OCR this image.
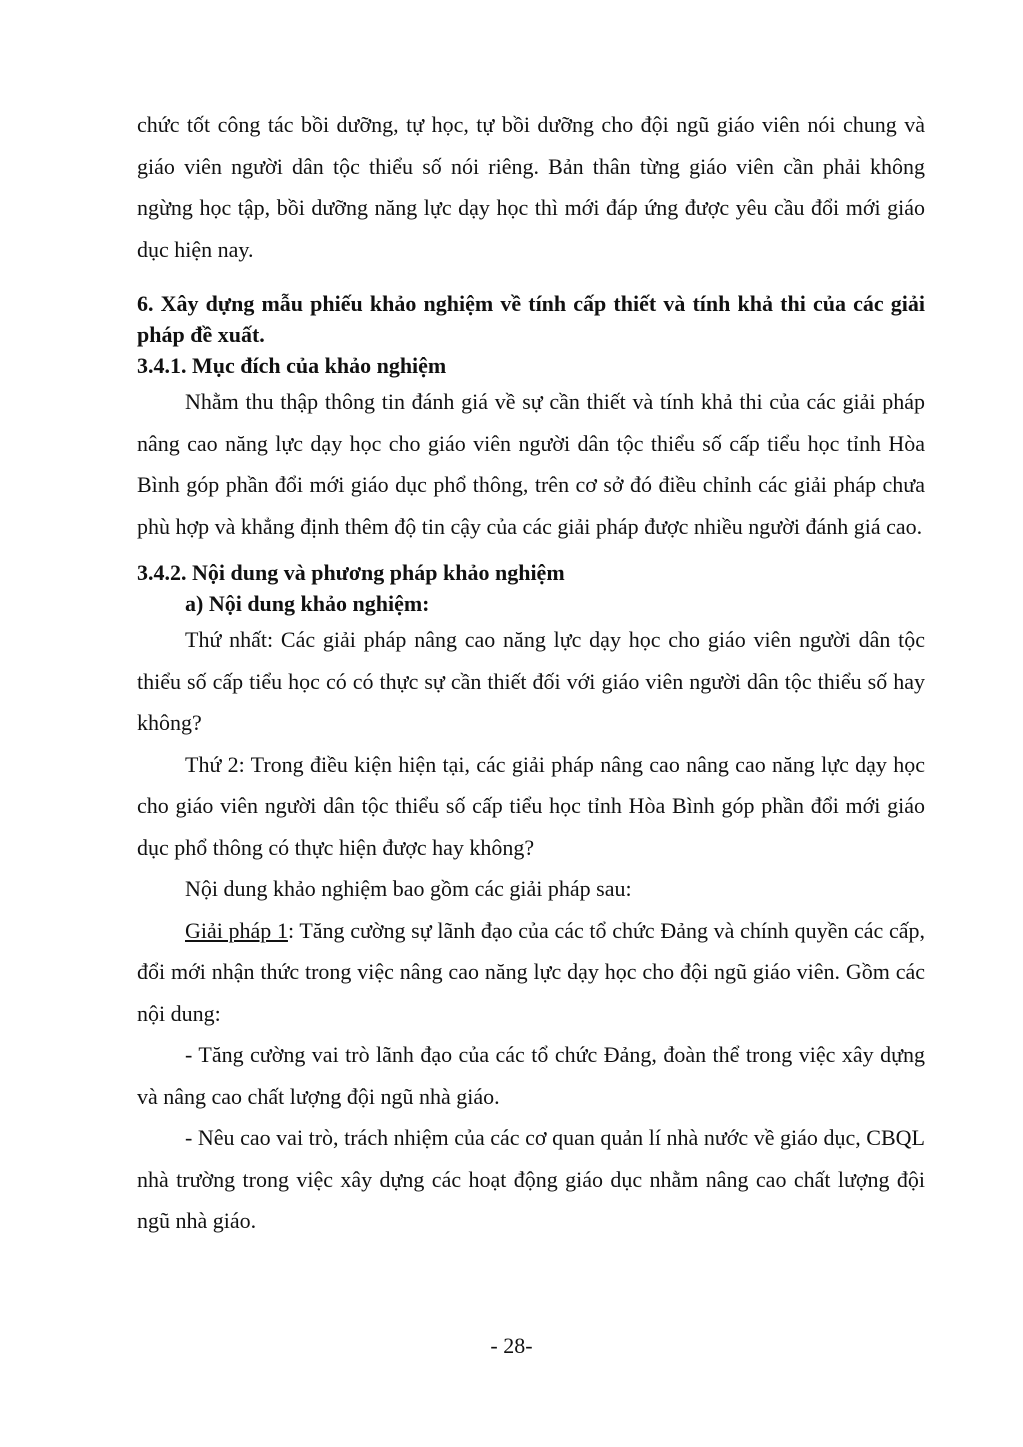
chức tốt công tác bồi dưỡng, tự học, tự bồi dưỡng cho đội ngũ giáo viên nói chung và giáo viên người dân tộc thiểu số nói riêng. Bản thân từng giáo viên cần phải không ngừng học tập, bồi dưỡng năng lực dạy học thì mới đáp ứng được yêu cầu đổi mới giáo dục hiện nay.

6. Xây dựng mẫu phiếu khảo nghiệm về tính cấp thiết và tính khả thi của các giải pháp đề xuất.

3.4.1. Mục đích của khảo nghiệm

Nhằm thu thập thông tin đánh giá về sự cần thiết và tính khả thi của các giải pháp nâng cao năng lực dạy học cho giáo viên người dân tộc thiểu số cấp tiểu học tỉnh Hòa Bình góp phần đổi mới giáo dục phổ thông, trên cơ sở đó điều chỉnh các giải pháp chưa phù hợp và khẳng định thêm độ tin cậy của các giải pháp được nhiều người đánh giá cao.

3.4.2. Nội dung và phương pháp khảo nghiệm

a) Nội dung khảo nghiệm:

Thứ nhất: Các giải pháp nâng cao năng lực dạy học cho giáo viên người dân tộc thiểu số cấp tiểu học có có thực sự cần thiết đối với giáo viên người dân tộc thiểu số hay không?

Thứ 2: Trong điều kiện hiện tại, các giải pháp nâng cao nâng cao năng lực dạy học cho giáo viên người dân tộc thiểu số cấp tiểu học tỉnh Hòa Bình góp phần đổi mới giáo dục phổ thông có thực hiện được hay không?

Nội dung khảo nghiệm bao gồm các giải pháp sau:

Giải pháp 1: Tăng cường sự lãnh đạo của các tổ chức Đảng và chính quyền các cấp, đổi mới nhận thức trong việc nâng cao năng lực dạy học cho đội ngũ giáo viên. Gồm các nội dung:

- Tăng cường vai trò lãnh đạo của các tổ chức Đảng, đoàn thể trong việc xây dựng và nâng cao chất lượng đội ngũ nhà giáo.

- Nêu cao vai trò, trách nhiệm của các cơ quan quản lí nhà nước về giáo dục, CBQL nhà trường trong việc xây dựng các hoạt động giáo dục nhằm nâng cao chất lượng đội ngũ nhà giáo.

- 28-
